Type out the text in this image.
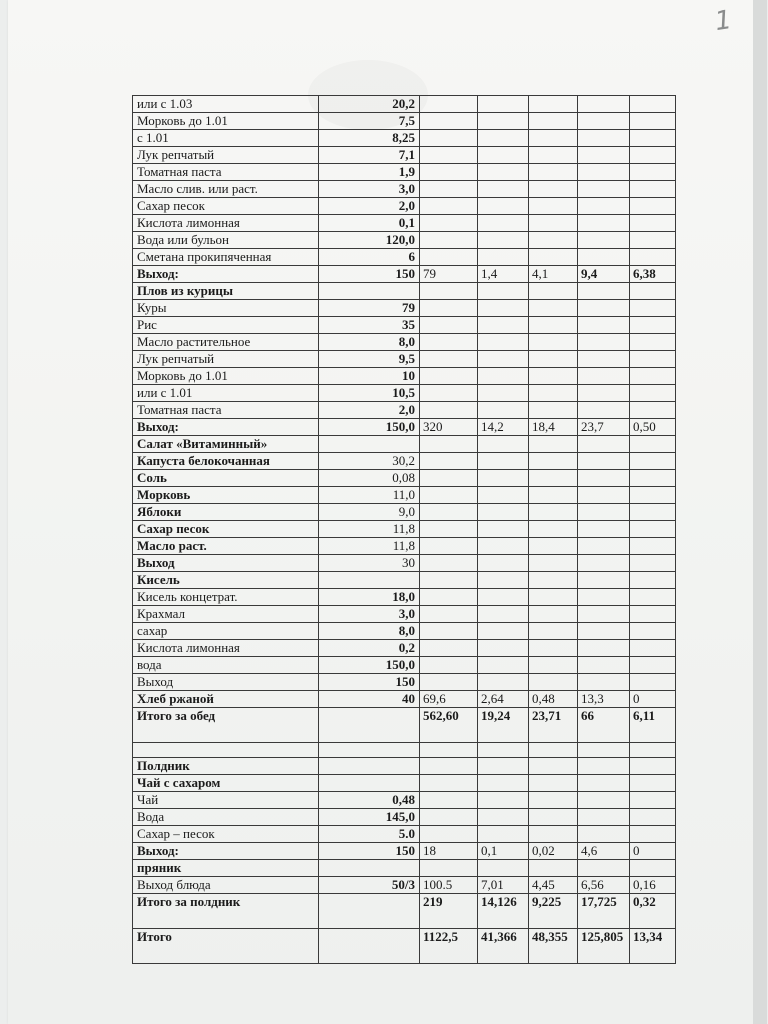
1
или с 1.03	20,2					
Морковь до 1.01	7,5					
с 1.01	8,25					
Лук репчатый	7,1					
Томатная паста	1,9					
Масло слив. или раст.	3,0					
Сахар песок	2,0					
Кислота лимонная	0,1					
Вода или бульон	120,0					
Сметана прокипяченная	6					
Выход:	150	79	1,4	4,1	9,4	6,38
Плов из курицы						
Куры	79					
Рис	35					
Масло растительное	8,0					
Лук репчатый	9,5					
Морковь до 1.01	10					
или с 1.01	10,5					
Томатная паста	2,0					
Выход:	150,0	320	14,2	18,4	23,7	0,50
Салат «Витаминный»						
Капуста белокочанная	30,2					
Соль	0,08					
Морковь	11,0					
Яблоки	9,0					
Сахар песок	11,8					
Масло раст.	11,8					
Выход	30					
Кисель						
Кисель концетрат.	18,0					
Крахмал	3,0					
сахар	8,0					
Кислота лимонная	0,2					
вода	150,0					
Выход	150					
Хлеб ржаной	40	69,6	2,64	0,48	13,3	0
Итого за обед		562,60	19,24	23,71	66	6,11

Полдник						
Чай с сахаром						
Чай	0,48					
Вода	145,0					
Сахар – песок	5.0					
Выход:	150	18	0,1	0,02	4,6	0
пряник						
Выход блюда	50/3	100.5	7,01	4,45	6,56	0,16
Итого за полдник		219	14,126	9,225	17,725	0,32
Итого		1122,5	41,366	48,355	125,805	13,34
